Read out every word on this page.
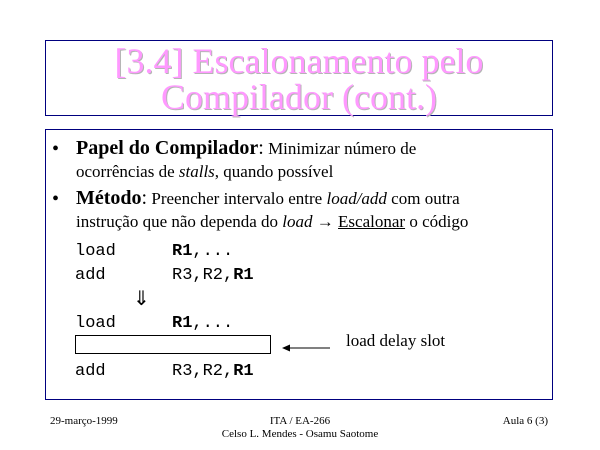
[3.4] Escalonamento pelo
Compilador (cont.)
• Papel do Compilador: Minimizar número de
ocorrências de stalls, quando possível
• Método: Preencher intervalo entre load/add com outra
instrução que não dependa do load → Escalonar o código
load	R1,...
add	R3,R2,R1
⇓
load	R1,...
load delay slot
add	R3,R2,R1
29-março-1999	ITA / EA-266
Celso L. Mendes - Osamu Saotome
Aula 6 (3)
